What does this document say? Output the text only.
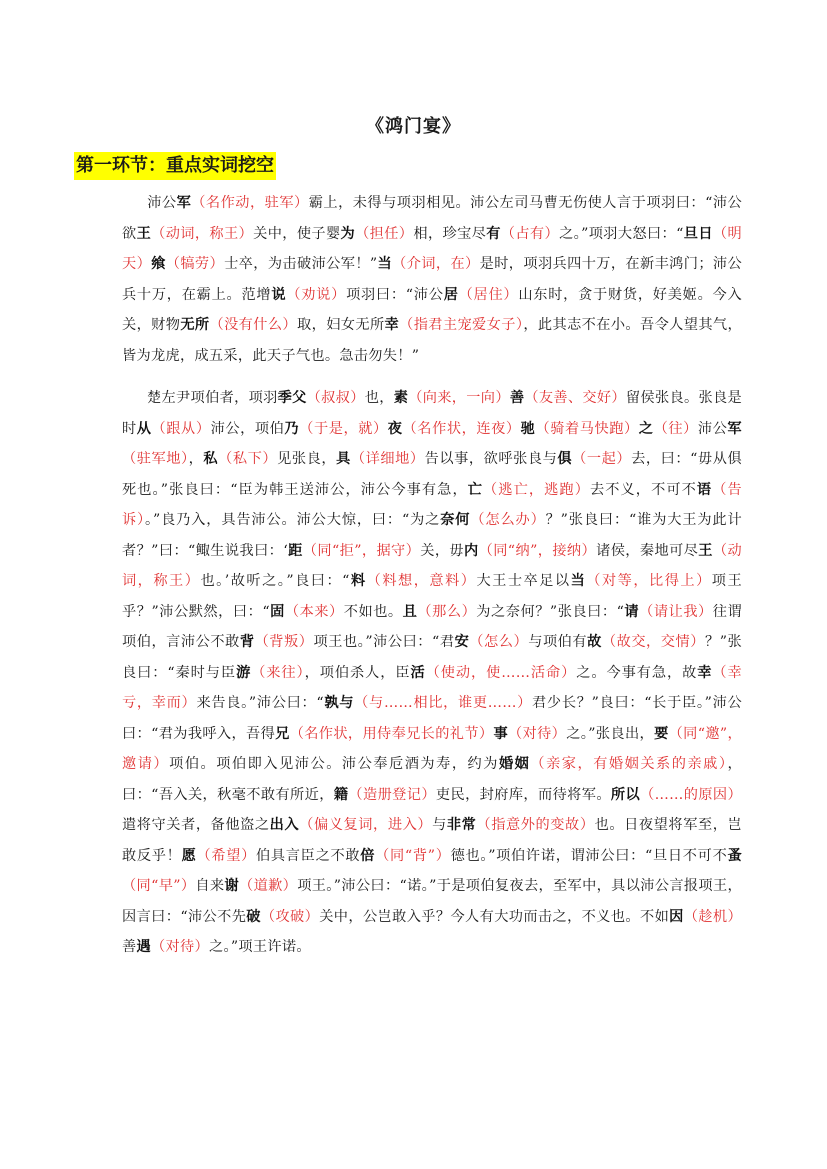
《鸿门宴》
第一环节：重点实词挖空

沛公军（名作动，驻军）霸上，未得与项羽相见。沛公左司马曹无伤使人言于项羽曰：“沛公欲王（动词，称王）关中，使子婴为（担任）相，珍宝尽有（占有）之。”项羽大怒曰：“旦日（明天）飨（犒劳）士卒，为击破沛公军！”当（介词，在）是时，项羽兵四十万，在新丰鸿门；沛公兵十万，在霸上。范增说（劝说）项羽曰：“沛公居（居住）山东时，贪于财货，好美姬。今入关，财物无所（没有什么）取，妇女无所幸（指君主宠爱女子），此其志不在小。吾令人望其气，皆为龙虎，成五采，此天子气也。急击勿失！”

楚左尹项伯者，项羽季父（叔叔）也，素（向来，一向）善（友善、交好）留侯张良。张良是时从（跟从）沛公，项伯乃（于是，就）夜（名作状，连夜）驰（骑着马快跑）之（往）沛公军（驻军地），私（私下）见张良，具（详细地）告以事，欲呼张良与俱（一起）去，曰：“毋从俱死也。”张良曰：“臣为韩王送沛公，沛公今事有急，亡（逃亡，逃跑）去不义，不可不语（告诉）。”良乃入，具告沛公。沛公大惊，曰：“为之奈何（怎么办）？”张良曰：“谁为大王为此计者？”曰：“鲰生说我曰：‘距（同“拒”，据守）关，毋内（同“纳”，接纳）诸侯，秦地可尽王（动词，称王）也。’故听之。”良曰：“料（料想，意料）大王士卒足以当（对等，比得上）项王乎？”沛公默然，曰：“固（本来）不如也。且（那么）为之奈何？”张良曰：“请（请让我）往谓项伯，言沛公不敢背（背叛）项王也。”沛公曰：“君安（怎么）与项伯有故（故交，交情）？”张良曰：“秦时与臣游（来往），项伯杀人，臣活（使动，使……活命）之。今事有急，故幸（幸亏，幸而）来告良。”沛公曰：“孰与（与……相比，谁更……）君少长？”良曰：“长于臣。”沛公曰：“君为我呼入，吾得兄（名作状，用侍奉兄长的礼节）事（对待）之。”张良出，要（同“邀”，邀请）项伯。项伯即入见沛公。沛公奉卮酒为寿，约为婚姻（亲家，有婚姻关系的亲戚），曰：“吾入关，秋毫不敢有所近，籍（造册登记）吏民，封府库，而待将军。所以（……的原因）遣将守关者，备他盗之出入（偏义复词，进入）与非常（指意外的变故）也。日夜望将军至，岂敢反乎！愿（希望）伯具言臣之不敢倍（同“背”）德也。”项伯许诺，谓沛公曰：“旦日不可不蚤（同“早”）自来谢（道歉）项王。”沛公曰：“诺。”于是项伯复夜去，至军中，具以沛公言报项王，因言曰：“沛公不先破（攻破）关中，公岂敢入乎？今人有大功而击之，不义也。不如因（趁机）善遇（对待）之。”项王许诺。
